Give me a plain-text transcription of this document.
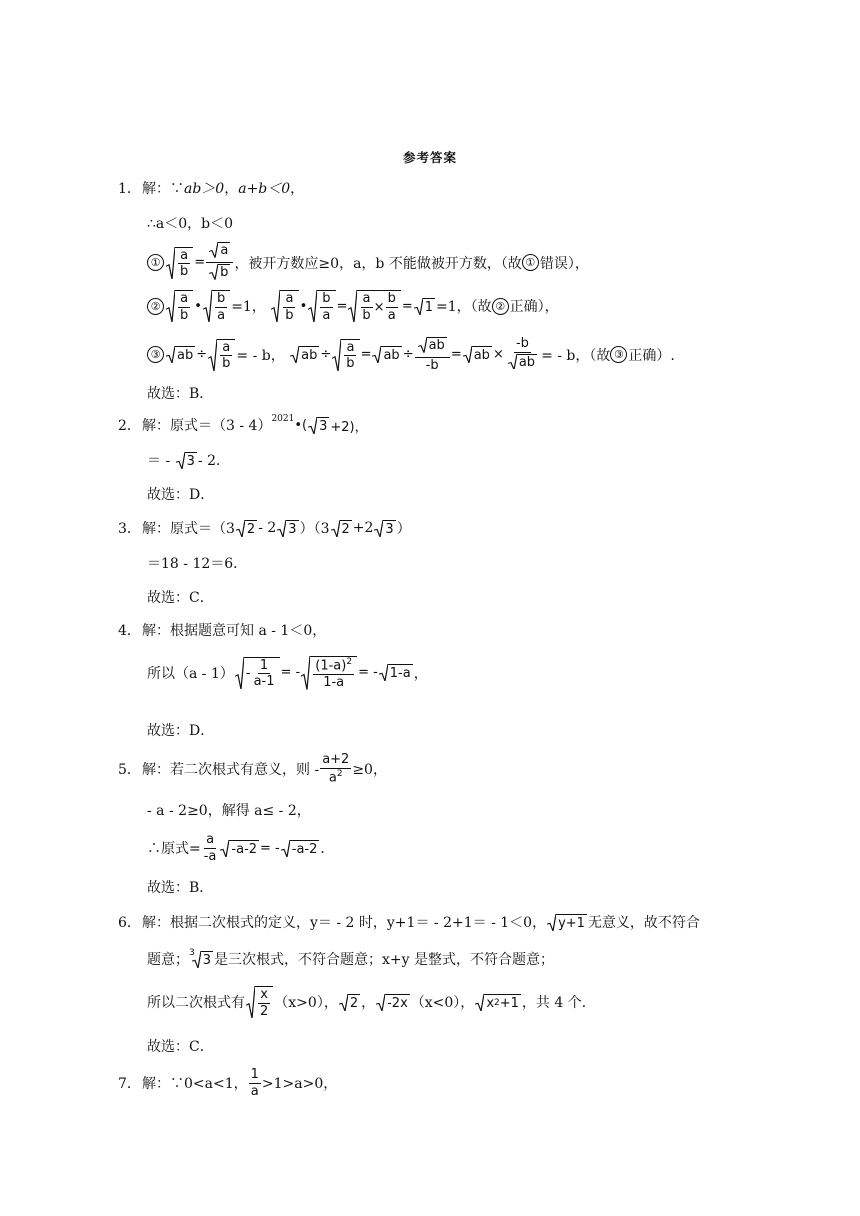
参考答案
1． 解：∵ ab＞0 ， a+b＜0 ，
∴a＜0，b＜0
① $\frac{a}{b} = \frac{a}{b}$ ，被开方数应≥0，a，b 不能做被开方数，（故 ① 错误），
② $\frac{a}{b}$ • $\frac{b}{a} =1$，
$\frac{a}{b}$ • $\frac{b}{a} = \frac{a}{b} \times \frac{b}{a} = 1 =1$，（故 ② 正确），
③ ab ÷ $\frac{a}{b}$ = - b，
ab ÷ $\frac{a}{b}$ = ab ÷ $\frac{ab}{-b}$ = ab × $\frac{-b}{ab}$ = - b，（故 ③ 正确）.
故选：B．
2． 解：原式＝（3 - 4）$^{2021}$ •( 3 +2)，
＝ -
3 - 2．
故选：D．
3． 解：原式＝（3 2 - 2 3 ）（3 2 +2 3 ）
＝18 - 12＝6．
故选：C．
4． 解：根据题意可知 a - 1＜0，
所以$(a - 1) - \frac{1}{a-1}$ = - $\frac{(1-a)^2}{1-a}$ = - 1-a ，
故选：D．
5． 解：若二次根式有意义，则 - $\frac{a+2}{a^2} \ge 0$，
- a - 2≥0，解得 a≤ - 2，
∴原式= $\frac{a}{-a} -a-2$ = - -a-2 ．
故选：B．
6． 解：根据二次根式的定义，y＝ - 2 时，y+1＝ - 2+1＝ - 1＜0， y+1 无意义，故不符合
题意； 3 3 是三次根式，不符合题意；x+y 是整式，不符合题意；
所以二次根式有 $\frac{x}{2} (x>0)$， 2 ， -2x （x<0）， x 2 +1 ，共 4 个．
故选：C．
7． 解：∵0<a<1， $\frac{1}{a} >1>a>0$，
